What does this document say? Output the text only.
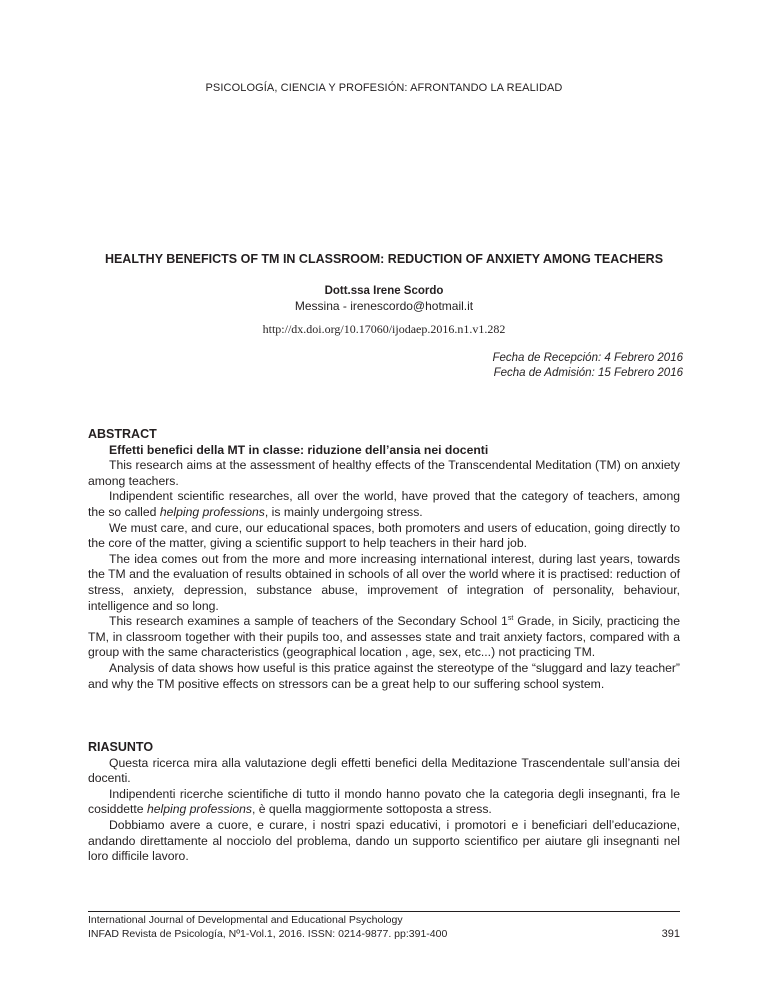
PSICOLOGÍA, CIENCIA Y PROFESIÓN: AFRONTANDO LA REALIDAD
HEALTHY BENEFICTS OF TM IN CLASSROOM: REDUCTION OF ANXIETY AMONG TEACHERS
Dott.ssa Irene Scordo
Messina - irenescordo@hotmail.it
http://dx.doi.org/10.17060/ijodaep.2016.n1.v1.282
Fecha de Recepción: 4 Febrero 2016
Fecha de Admisión: 15 Febrero 2016
ABSTRACT
Effetti benefici della MT in classe: riduzione dell’ansia nei docenti

This research aims at the assessment of healthy effects of the Transcendental Meditation (TM) on anxiety among teachers.

Indipendent scientific researches, all over the world, have proved that the category of teachers, among the so called helping professions, is mainly undergoing stress.

We must care, and cure, our educational spaces, both promoters and users of education, going directly to the core of the matter, giving a scientific support to help teachers in their hard job.

The idea comes out from the more and more increasing international interest, during last years, towards the TM and the evaluation of results obtained in schools of all over the world where it is practised: reduction of stress, anxiety, depression, substance abuse, improvement of integration of personality, behaviour, intelligence and so long.

This research examines a sample of teachers of the Secondary School 1st Grade, in Sicily, practicing the TM, in classroom together with their pupils too, and assesses state and trait anxiety factors, compared with a group with the same characteristics (geographical location , age, sex, etc...) not practicing TM.

Analysis of data shows how useful is this pratice against the stereotype of the “sluggard and lazy teacher” and why the TM positive effects on stressors can be a great help to our suffering school system.

RIASUNTO

Questa ricerca mira alla valutazione degli effetti benefici della Meditazione Trascendentale sull’ansia dei docenti.

Indipendenti ricerche scientifiche di tutto il mondo hanno povato che la categoria degli insegnanti, fra le cosiddette helping professions, è quella maggiormente sottoposta a stress.

Dobbiamo avere a cuore, e curare, i nostri spazi educativi, i promotori e i beneficiari dell’educazione, andando direttamente al nocciolo del problema, dando un supporto scientifico per aiutare gli insegnanti nel loro difficile lavoro.

International Journal of Developmental and Educational Psychology
INFAD Revista de Psicología, Nº1-Vol.1, 2016. ISSN: 0214-9877. pp:391-400	391
